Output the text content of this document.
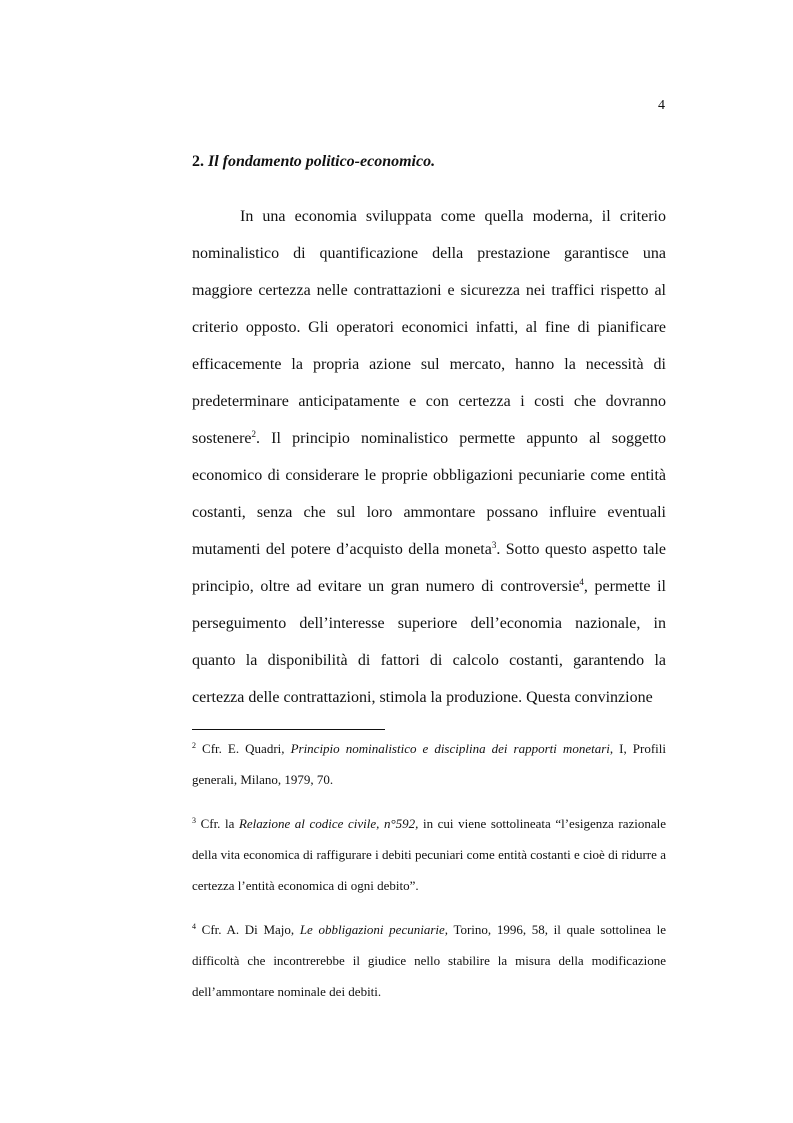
4
2. Il fondamento politico-economico.

In una economia sviluppata come quella moderna, il criterio nominalistico di quantificazione della prestazione garantisce una maggiore certezza nelle contrattazioni e sicurezza nei traffici rispetto al criterio opposto. Gli operatori economici infatti, al fine di pianificare efficacemente la propria azione sul mercato, hanno la necessità di predeterminare anticipatamente e con certezza i costi che dovranno sostenere$^2$. Il principio nominalistico permette appunto al soggetto economico di considerare le proprie obbligazioni pecuniarie come entità costanti, senza che sul loro ammontare possano influire eventuali mutamenti del potere d’acquisto della moneta$^3$. Sotto questo aspetto tale principio, oltre ad evitare un gran numero di controversie$^4$, permette il perseguimento dell’interesse superiore dell’economia nazionale, in quanto la disponibilità di fattori di calcolo costanti, garantendo la certezza delle contrattazioni, stimola la produzione. Questa convinzione

$^2$ Cfr. E. Quadri, Principio nominalistico e disciplina dei rapporti monetari, I, Profili generali, Milano, 1979, 70.

$^3$ Cfr. la Relazione al codice civile, n°592, in cui viene sottolineata “l’esigenza razionale della vita economica di raffigurare i debiti pecuniari come entità costanti e cioè di ridurre a certezza l’entità economica di ogni debito”.

$^4$ Cfr. A. Di Majo, Le obbligazioni pecuniarie, Torino, 1996, 58, il quale sottolinea le difficoltà che incontrerebbe il giudice nello stabilire la misura della modificazione dell’ammontare nominale dei debiti.
